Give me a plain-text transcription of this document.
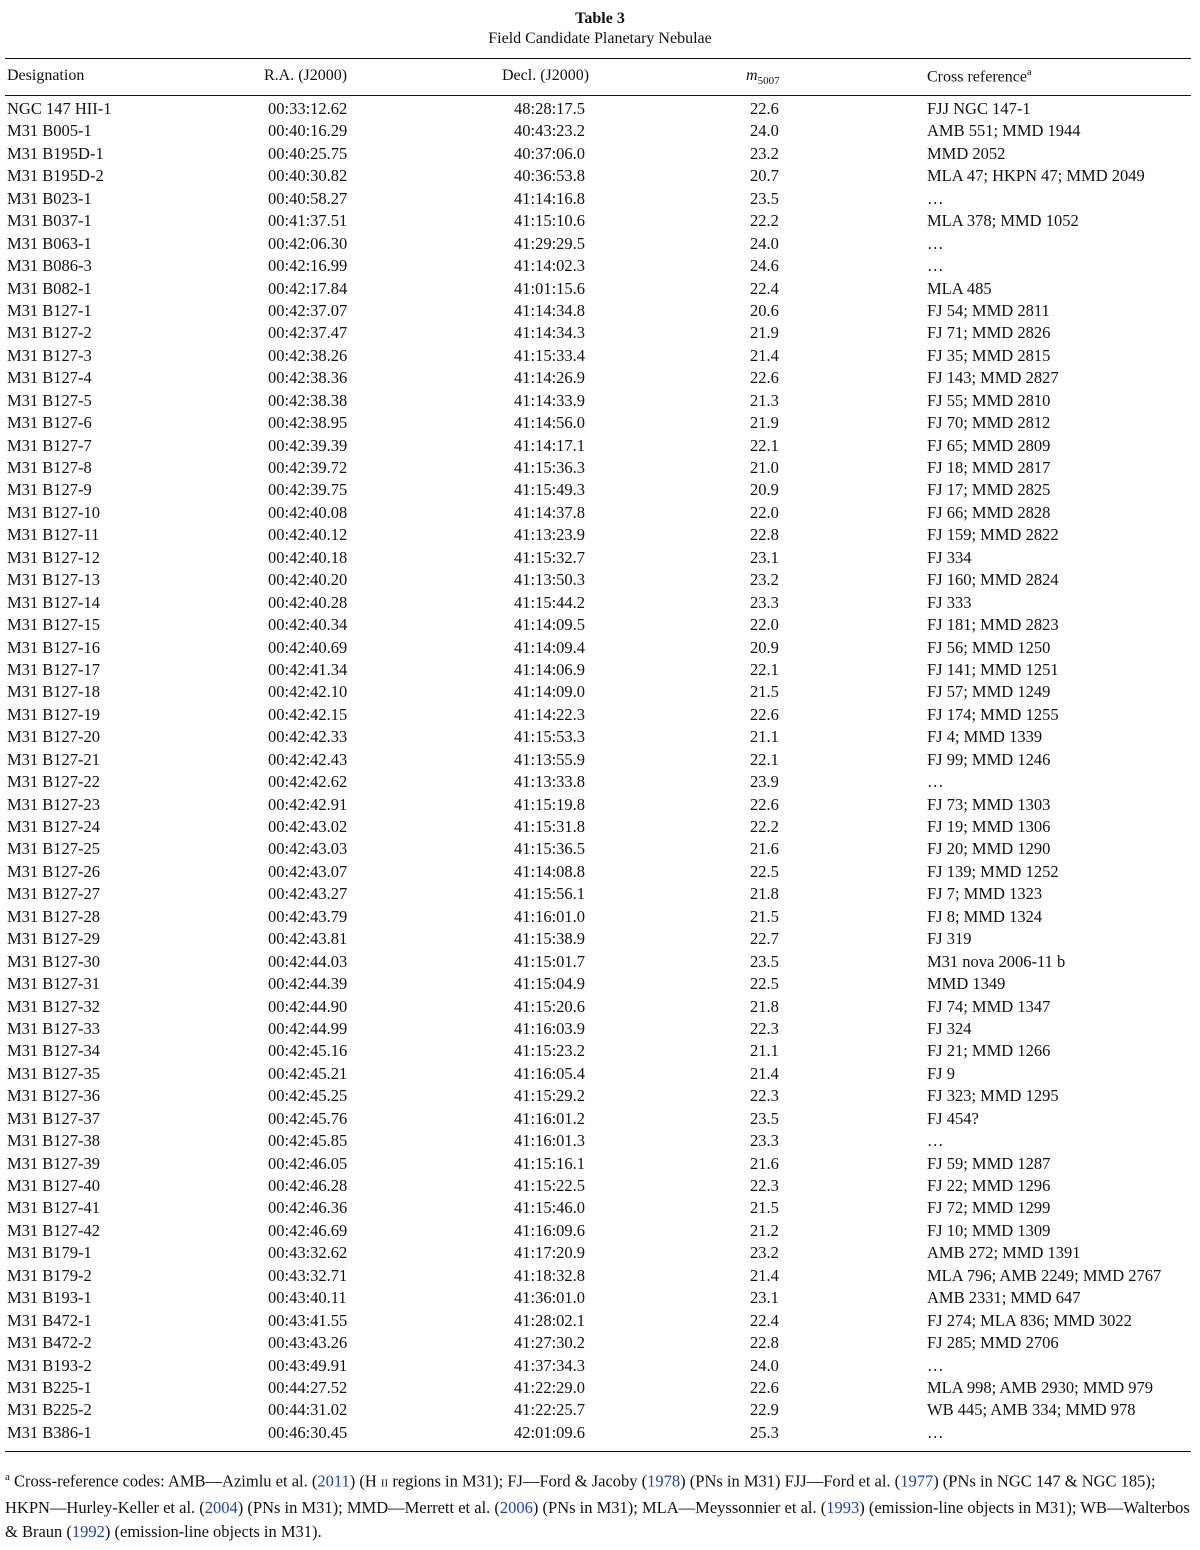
Table 3
Field Candidate Planetary Nebulae
Designation	R.A. (J2000)	Decl. (J2000)	$m_{5007}$	Cross reference$^a$
NGC 147 HII-1	00:33:12.62	48:28:17.5	22.6	FJJ NGC 147-1
M31 B005-1	00:40:16.29	40:43:23.2	24.0	AMB 551; MMD 1944
M31 B195D-1	00:40:25.75	40:37:06.0	23.2	MMD 2052
M31 B195D-2	00:40:30.82	40:36:53.8	20.7	MLA 47; HKPN 47; MMD 2049
M31 B023-1	00:40:58.27	41:14:16.8	23.5	…
M31 B037-1	00:41:37.51	41:15:10.6	22.2	MLA 378; MMD 1052
M31 B063-1	00:42:06.30	41:29:29.5	24.0	…
M31 B086-3	00:42:16.99	41:14:02.3	24.6	…
M31 B082-1	00:42:17.84	41:01:15.6	22.4	MLA 485
M31 B127-1	00:42:37.07	41:14:34.8	20.6	FJ 54; MMD 2811
M31 B127-2	00:42:37.47	41:14:34.3	21.9	FJ 71; MMD 2826
M31 B127-3	00:42:38.26	41:15:33.4	21.4	FJ 35; MMD 2815
M31 B127-4	00:42:38.36	41:14:26.9	22.6	FJ 143; MMD 2827
M31 B127-5	00:42:38.38	41:14:33.9	21.3	FJ 55; MMD 2810
M31 B127-6	00:42:38.95	41:14:56.0	21.9	FJ 70; MMD 2812
M31 B127-7	00:42:39.39	41:14:17.1	22.1	FJ 65; MMD 2809
M31 B127-8	00:42:39.72	41:15:36.3	21.0	FJ 18; MMD 2817
M31 B127-9	00:42:39.75	41:15:49.3	20.9	FJ 17; MMD 2825
M31 B127-10	00:42:40.08	41:14:37.8	22.0	FJ 66; MMD 2828
M31 B127-11	00:42:40.12	41:13:23.9	22.8	FJ 159; MMD 2822
M31 B127-12	00:42:40.18	41:15:32.7	23.1	FJ 334
M31 B127-13	00:42:40.20	41:13:50.3	23.2	FJ 160; MMD 2824
M31 B127-14	00:42:40.28	41:15:44.2	23.3	FJ 333
M31 B127-15	00:42:40.34	41:14:09.5	22.0	FJ 181; MMD 2823
M31 B127-16	00:42:40.69	41:14:09.4	20.9	FJ 56; MMD 1250
M31 B127-17	00:42:41.34	41:14:06.9	22.1	FJ 141; MMD 1251
M31 B127-18	00:42:42.10	41:14:09.0	21.5	FJ 57; MMD 1249
M31 B127-19	00:42:42.15	41:14:22.3	22.6	FJ 174; MMD 1255
M31 B127-20	00:42:42.33	41:15:53.3	21.1	FJ 4; MMD 1339
M31 B127-21	00:42:42.43	41:13:55.9	22.1	FJ 99; MMD 1246
M31 B127-22	00:42:42.62	41:13:33.8	23.9	…
M31 B127-23	00:42:42.91	41:15:19.8	22.6	FJ 73; MMD 1303
M31 B127-24	00:42:43.02	41:15:31.8	22.2	FJ 19; MMD 1306
M31 B127-25	00:42:43.03	41:15:36.5	21.6	FJ 20; MMD 1290
M31 B127-26	00:42:43.07	41:14:08.8	22.5	FJ 139; MMD 1252
M31 B127-27	00:42:43.27	41:15:56.1	21.8	FJ 7; MMD 1323
M31 B127-28	00:42:43.79	41:16:01.0	21.5	FJ 8; MMD 1324
M31 B127-29	00:42:43.81	41:15:38.9	22.7	FJ 319
M31 B127-30	00:42:44.03	41:15:01.7	23.5	M31 nova 2006-11 b
M31 B127-31	00:42:44.39	41:15:04.9	22.5	MMD 1349
M31 B127-32	00:42:44.90	41:15:20.6	21.8	FJ 74; MMD 1347
M31 B127-33	00:42:44.99	41:16:03.9	22.3	FJ 324
M31 B127-34	00:42:45.16	41:15:23.2	21.1	FJ 21; MMD 1266
M31 B127-35	00:42:45.21	41:16:05.4	21.4	FJ 9
M31 B127-36	00:42:45.25	41:15:29.2	22.3	FJ 323; MMD 1295
M31 B127-37	00:42:45.76	41:16:01.2	23.5	FJ 454?
M31 B127-38	00:42:45.85	41:16:01.3	23.3	…
M31 B127-39	00:42:46.05	41:15:16.1	21.6	FJ 59; MMD 1287
M31 B127-40	00:42:46.28	41:15:22.5	22.3	FJ 22; MMD 1296
M31 B127-41	00:42:46.36	41:15:46.0	21.5	FJ 72; MMD 1299
M31 B127-42	00:42:46.69	41:16:09.6	21.2	FJ 10; MMD 1309
M31 B179-1	00:43:32.62	41:17:20.9	23.2	AMB 272; MMD 1391
M31 B179-2	00:43:32.71	41:18:32.8	21.4	MLA 796; AMB 2249; MMD 2767
M31 B193-1	00:43:40.11	41:36:01.0	23.1	AMB 2331; MMD 647
M31 B472-1	00:43:41.55	41:28:02.1	22.4	FJ 274; MLA 836; MMD 3022
M31 B472-2	00:43:43.26	41:27:30.2	22.8	FJ 285; MMD 2706
M31 B193-2	00:43:49.91	41:37:34.3	24.0	…
M31 B225-1	00:44:27.52	41:22:29.0	22.6	MLA 998; AMB 2930; MMD 979
M31 B225-2	00:44:31.02	41:22:25.7	22.9	WB 445; AMB 334; MMD 978
M31 B386-1	00:46:30.45	42:01:09.6	25.3	…
$^a$ Cross-reference codes: AMB—Azimlu et al. (2011) (H II regions in M31); FJ—Ford & Jacoby (1978) (PNs in M31) FJJ—Ford et al. (1977) (PNs in NGC 147 & NGC 185); HKPN—Hurley-Keller et al. (2004) (PNs in M31); MMD—Merrett et al. (2006) (PNs in M31); MLA—Meyssonnier et al. (1993) (emission-line objects in M31); WB—Walterbos & Braun (1992) (emission-line objects in M31).
